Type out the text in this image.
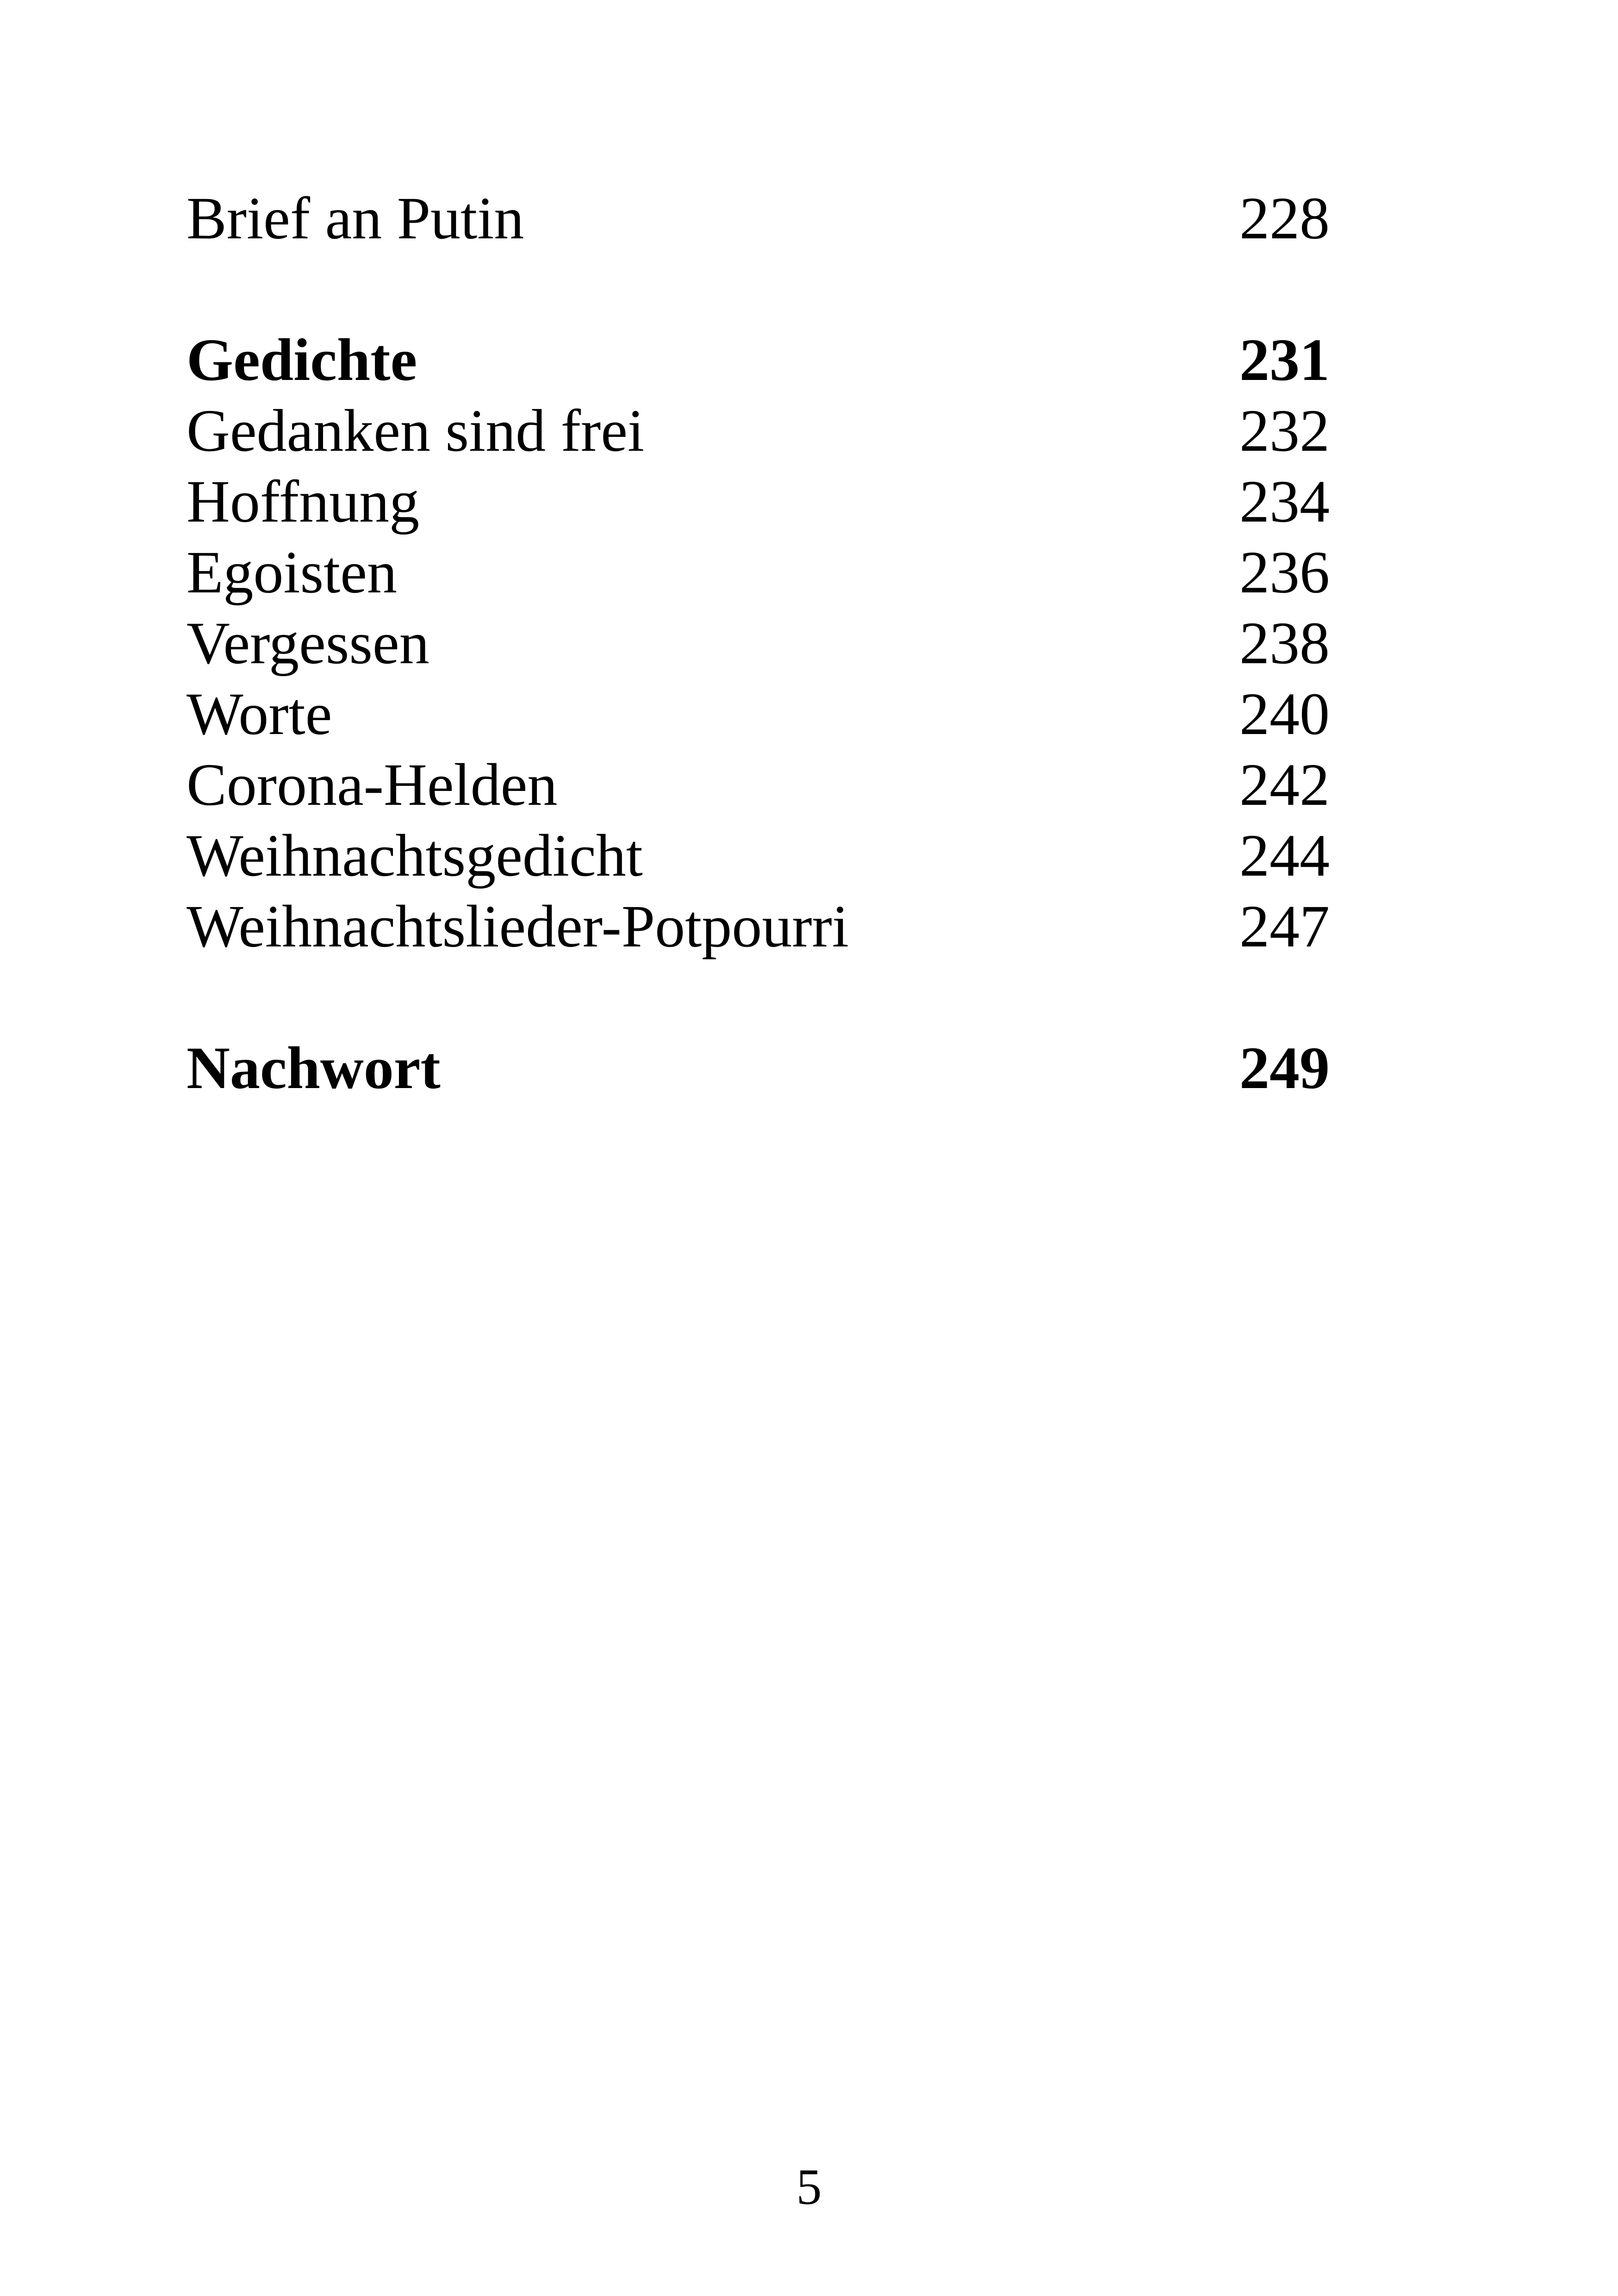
Brief an Putin	228
Gedichte	231
Gedanken sind frei	232
Hoffnung	234
Egoisten	236
Vergessen	238
Worte	240
Corona-Helden	242
Weihnachtsgedicht	244
Weihnachtslieder-Potpourri	247
Nachwort	249
5
